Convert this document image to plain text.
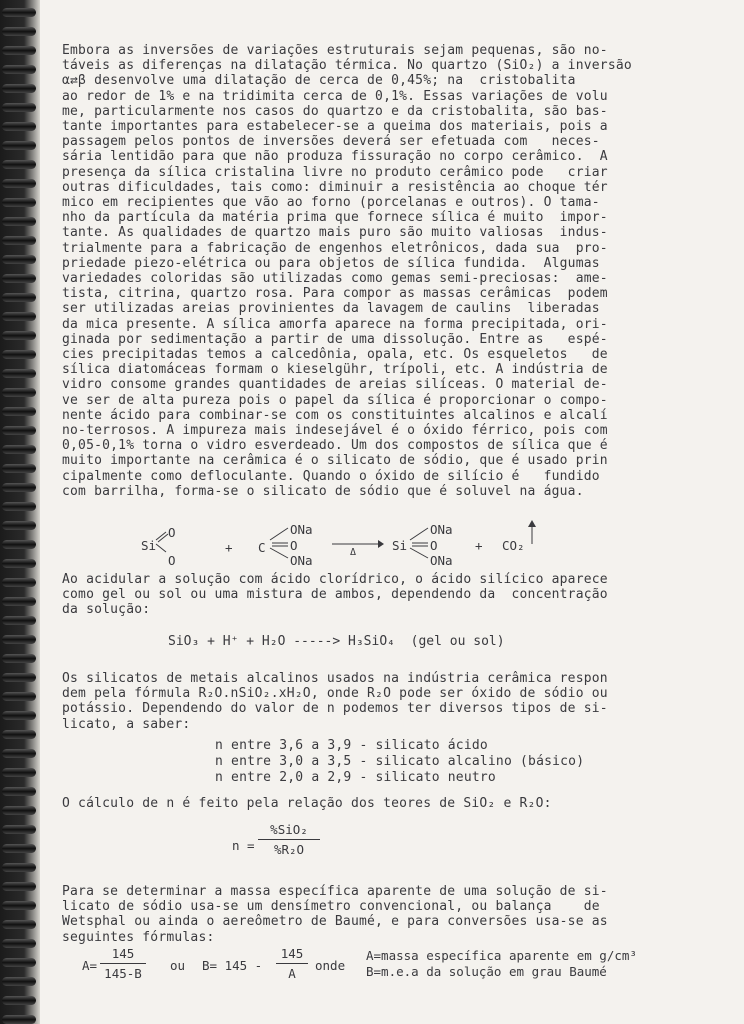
Embora as inversões de variações estruturais sejam pequenas, são no-
táveis as diferenças na dilatação térmica. No quartzo (SiO₂) a inversão
α⇄β desenvolve uma dilatação de cerca de 0,45%; na  cristobalita
ao redor de 1% e na tridimita cerca de 0,1%. Essas variações de volu
me, particularmente nos casos do quartzo e da cristobalita, são bas-
tante importantes para estabelecer-se a queima dos materiais, pois a
passagem pelos pontos de inversões deverá ser efetuada com   neces-
sária lentidão para que não produza fissuração no corpo cerâmico.  A
presença da sílica cristalina livre no produto cerâmico pode   criar
outras dificuldades, tais como: diminuir a resistência ao choque tér
mico em recipientes que vão ao forno (porcelanas e outros). O tama-
nho da partícula da matéria prima que fornece sílica é muito  impor-
tante. As qualidades de quartzo mais puro são muito valiosas  indus-
trialmente para a fabricação de engenhos eletrônicos, dada sua  pro-
priedade piezo-elétrica ou para objetos de sílica fundida.  Algumas
variedades coloridas são utilizadas como gemas semi-preciosas:  ame-
tista, citrina, quartzo rosa. Para compor as massas cerâmicas  podem
ser utilizadas areias provinientes da lavagem de caulins  liberadas
da mica presente. A sílica amorfa aparece na forma precipitada, ori-
ginada por sedimentação a partir de uma dissolução. Entre as   espé-
cies precipitadas temos a calcedônia, opala, etc. Os esqueletos   de
sílica diatomáceas formam o kieselgühr, trípoli, etc. A indústria de
vidro consome grandes quantidades de areias silíceas. O material de-
ve ser de alta pureza pois o papel da sílica é proporcionar o compo-
nente ácido para combinar-se com os constituintes alcalinos e alcalí
no-terrosos. A impureza mais indesejável é o óxido férrico, pois com
0,05-0,1% torna o vidro esverdeado. Um dos compostos de sílica que é
muito importante na cerâmica é o silicato de sódio, que é usado prin
cipalmente como defloculante. Quando o óxido de silício é   fundido
com barrilha, forma-se o silicato de sódio que é soluvel na água.
Si
O
O
+ C
ONa
O
ONa
Δ	Si
ONa
O
ONa
+ CO₂
Ao acidular a solução com ácido clorídrico, o ácido silícico aparece
como gel ou sol ou uma mistura de ambos, dependendo da  concentração
da solução:
SiO₃ + H⁺ + H₂O -----> H₃SiO₄  (gel ou sol)
Os silicatos de metais alcalinos usados na indústria cerâmica respon
dem pela fórmula R₂O.nSiO₂.xH₂O, onde R₂O pode ser óxido de sódio ou
potássio. Dependendo do valor de n podemos ter diversos tipos de si-
licato, a saber:
n entre 3,6 a 3,9 - silicato ácido
n entre 3,0 a 3,5 - silicato alcalino (básico)
n entre 2,0 a 2,9 - silicato neutro
O cálculo de n é feito pela relação dos teores de SiO₂ e R₂O:
n =
%SiO₂
%R₂O
Para se determinar a massa específica aparente de uma solução de si-
licato de sódio usa-se um densímetro convencional, ou balança    de
Wetsphal ou ainda o aereômetro de Baumé, e para conversões usa-se as
seguintes fórmulas:
A=
145
145-B
ou B= 145 -
145
A
onde
A=massa específica aparente em g/cm³
B=m.e.a da solução em grau Baumé
